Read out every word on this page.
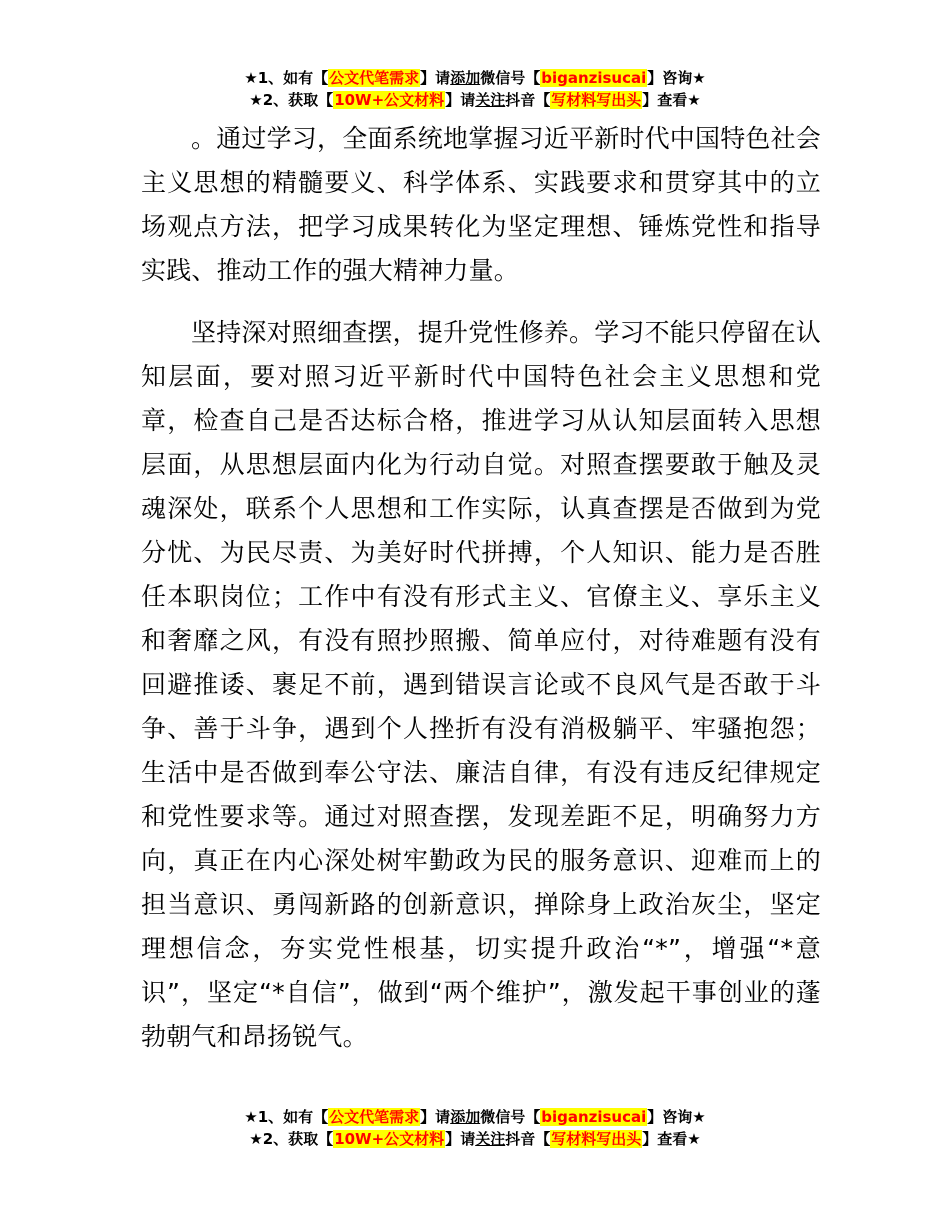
★1、如有【公文代笔需求】请添加微信号【biganzisucai】咨询★
★2、获取【10W+公文材料】请关注抖音【写材料写出头】查看★

。通过学习，全面系统地掌握习近平新时代中国特色社会主义思想的精髓要义、科学体系、实践要求和贯穿其中的立场观点方法，把学习成果转化为坚定理想、锤炼党性和指导实践、推动工作的强大精神力量。

坚持深对照细查摆，提升党性修养。学习不能只停留在认知层面，要对照习近平新时代中国特色社会主义思想和党章，检查自己是否达标合格，推进学习从认知层面转入思想层面，从思想层面内化为行动自觉。对照查摆要敢于触及灵魂深处，联系个人思想和工作实际，认真查摆是否做到为党分忧、为民尽责、为美好时代拼搏，个人知识、能力是否胜任本职岗位；工作中有没有形式主义、官僚主义、享乐主义和奢靡之风，有没有照抄照搬、简单应付，对待难题有没有回避推诿、裹足不前，遇到错误言论或不良风气是否敢于斗争、善于斗争，遇到个人挫折有没有消极躺平、牢骚抱怨；生活中是否做到奉公守法、廉洁自律，有没有违反纪律规定和党性要求等。通过对照查摆，发现差距不足，明确努力方向，真正在内心深处树牢勤政为民的服务意识、迎难而上的担当意识、勇闯新路的创新意识，掸除身上政治灰尘，坚定理想信念，夯实党性根基，切实提升政治“*”，增强“*意识”，坚定“*自信”，做到“两个维护”，激发起干事创业的蓬勃朝气和昂扬锐气。

★1、如有【公文代笔需求】请添加微信号【biganzisucai】咨询★
★2、获取【10W+公文材料】请关注抖音【写材料写出头】查看★
